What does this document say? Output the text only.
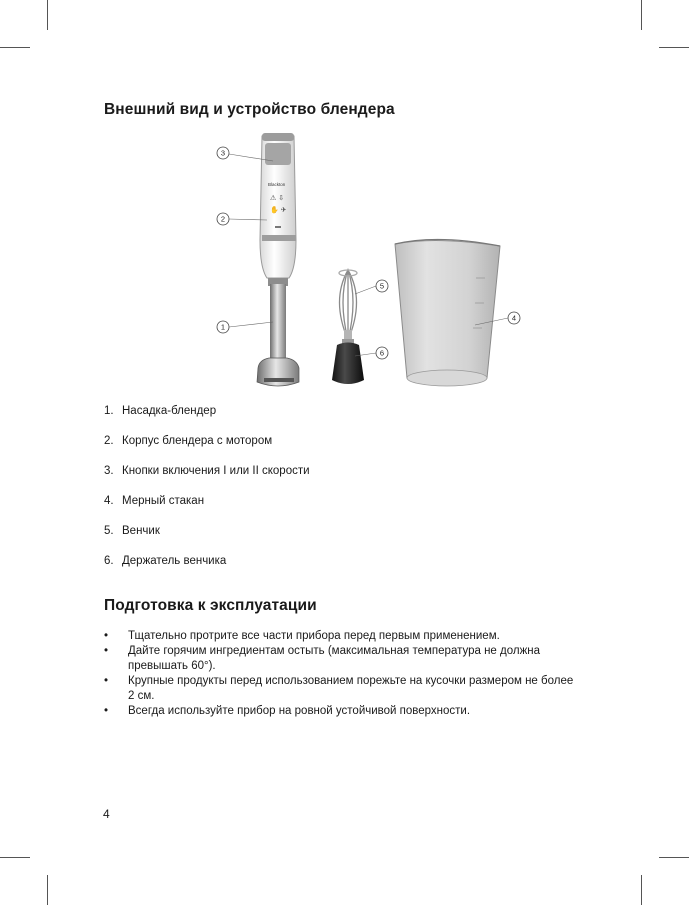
Внешний вид и устройство блендера
Blackton
⚠ ⇩
✋ ✈
1
2
3
4
5
6
1. Насадка-блендер
2. Корпус блендера с мотором
3. Кнопки включения I или II скорости
4. Мерный стакан
5. Венчик
6. Держатель венчика
Подготовка к эксплуатации
• Тщательно протрите все части прибора перед первым применением.
• Дайте горячим ингредиентам остыть (максимальная температура не должна превышать 60°).
• Крупные продукты перед использованием порежьте на кусочки размером не более 2 см.
• Всегда используйте прибор на ровной устойчивой поверхности.
4
